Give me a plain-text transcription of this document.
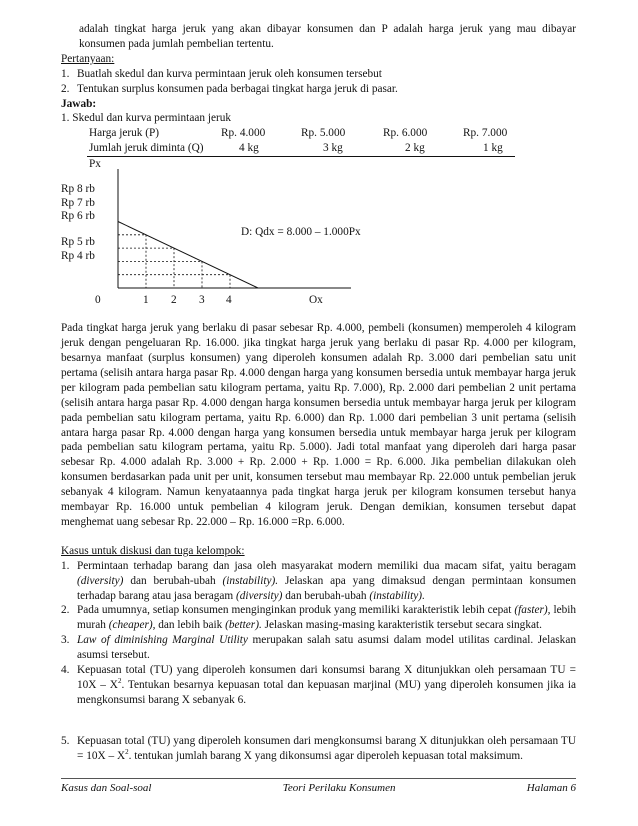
adalah tingkat harga jeruk yang akan dibayar konsumen dan P adalah harga jeruk yang mau dibayar konsumen pada jumlah pembelian tertentu.

Pertanyaan:

1. Buatlah skedul dan kurva permintaan jeruk oleh konsumen tersebut
2. Tentukan surplus konsumen pada berbagai tingkat harga jeruk di pasar.

Jawab:

1. Skedul dan kurva permintaan jeruk

Harga jeruk (P)	Rp. 4.000	Rp. 5.000	Rp. 6.000	Rp. 7.000
Jumlah jeruk diminta (Q)	4 kg	3 kg	2 kg	1 kg
Px
Ox
D: Qdx = 8.000 – 1.000Px
Rp 8 rb
Rp 7 rb
Rp 6 rb
Rp 5 rb
Rp 4 rb
0	1 2 3 4

Pada tingkat harga jeruk yang berlaku di pasar sebesar Rp. 4.000, pembeli (konsumen) memperoleh 4 kilogram jeruk dengan pengeluaran Rp. 16.000. jika tingkat harga jeruk yang berlaku di pasar Rp. 4.000 per kilogram, besarnya manfaat (surplus konsumen) yang diperoleh konsumen adalah Rp. 3.000 dari pembelian satu unit pertama (selisih antara harga pasar Rp. 4.000 dengan harga yang konsumen bersedia untuk membayar harga jeruk per kilogram pada pembelian satu kilogram pertama, yaitu Rp. 7.000), Rp. 2.000 dari pembelian 2 unit pertama (selisih antara harga pasar Rp. 4.000 dengan harga konsumen bersedia untuk membayar harga jeruk per kilogram pada pembelian satu kilogram pertama, yaitu Rp. 6.000) dan Rp. 1.000 dari pembelian 3 unit pertama (selisih antara harga pasar Rp. 4.000 dengan harga yang konsumen bersedia untuk membayar harga jeruk per kilogram pada pembelian satu kilogram pertama, yaitu Rp. 5.000). Jadi total manfaat yang diperoleh dari harga pasar sebesar Rp. 4.000 adalah Rp. 3.000 + Rp. 2.000 + Rp. 1.000 = Rp. 6.000. Jika pembelian dilakukan oleh konsumen berdasarkan pada unit per unit, konsumen tersebut mau membayar Rp. 22.000 untuk pembelian jeruk sebanyak 4 kilogram. Namun kenyataannya pada tingkat harga jeruk per kilogram konsumen tersebut hanya membayar Rp. 16.000 untuk pembelian 4 kilogram jeruk. Dengan demikian, konsumen tersebut dapat menghemat uang sebesar Rp. 22.000 – Rp. 16.000 =Rp. 6.000.

Kasus untuk diskusi dan tuga kelompok:

1. Permintaan terhadap barang dan jasa oleh masyarakat modern memiliki dua macam sifat, yaitu beragam (diversity) dan berubah-ubah (instability). Jelaskan apa yang dimaksud dengan permintaan konsumen terhadap barang atau jasa beragam (diversity) dan berubah-ubah (instability).
2. Pada umumnya, setiap konsumen menginginkan produk yang memiliki karakteristik lebih cepat (faster), lebih murah (cheaper), dan lebih baik (better). Jelaskan masing-masing karakteristik tersebut secara singkat.
3. Law of diminishing Marginal Utility merupakan salah satu asumsi dalam model utilitas cardinal. Jelaskan asumsi tersebut.
4. Kepuasan total (TU) yang diperoleh konsumen dari konsumsi barang X ditunjukkan oleh persamaan TU = $10X - X^2$. Tentukan besarnya kepuasan total dan kepuasan marjinal (MU) yang diperoleh konsumen jika ia mengkonsumsi barang X sebanyak 6.
5. Kepuasan total (TU) yang diperoleh konsumen dari mengkonsumsi barang X ditunjukkan oleh persamaan TU = $10X - X^2$. tentukan jumlah barang X yang dikonsumsi agar diperoleh kepuasan total maksimum.
Kasus dan Soal-soal	Teori Perilaku Konsumen	Halaman 6
